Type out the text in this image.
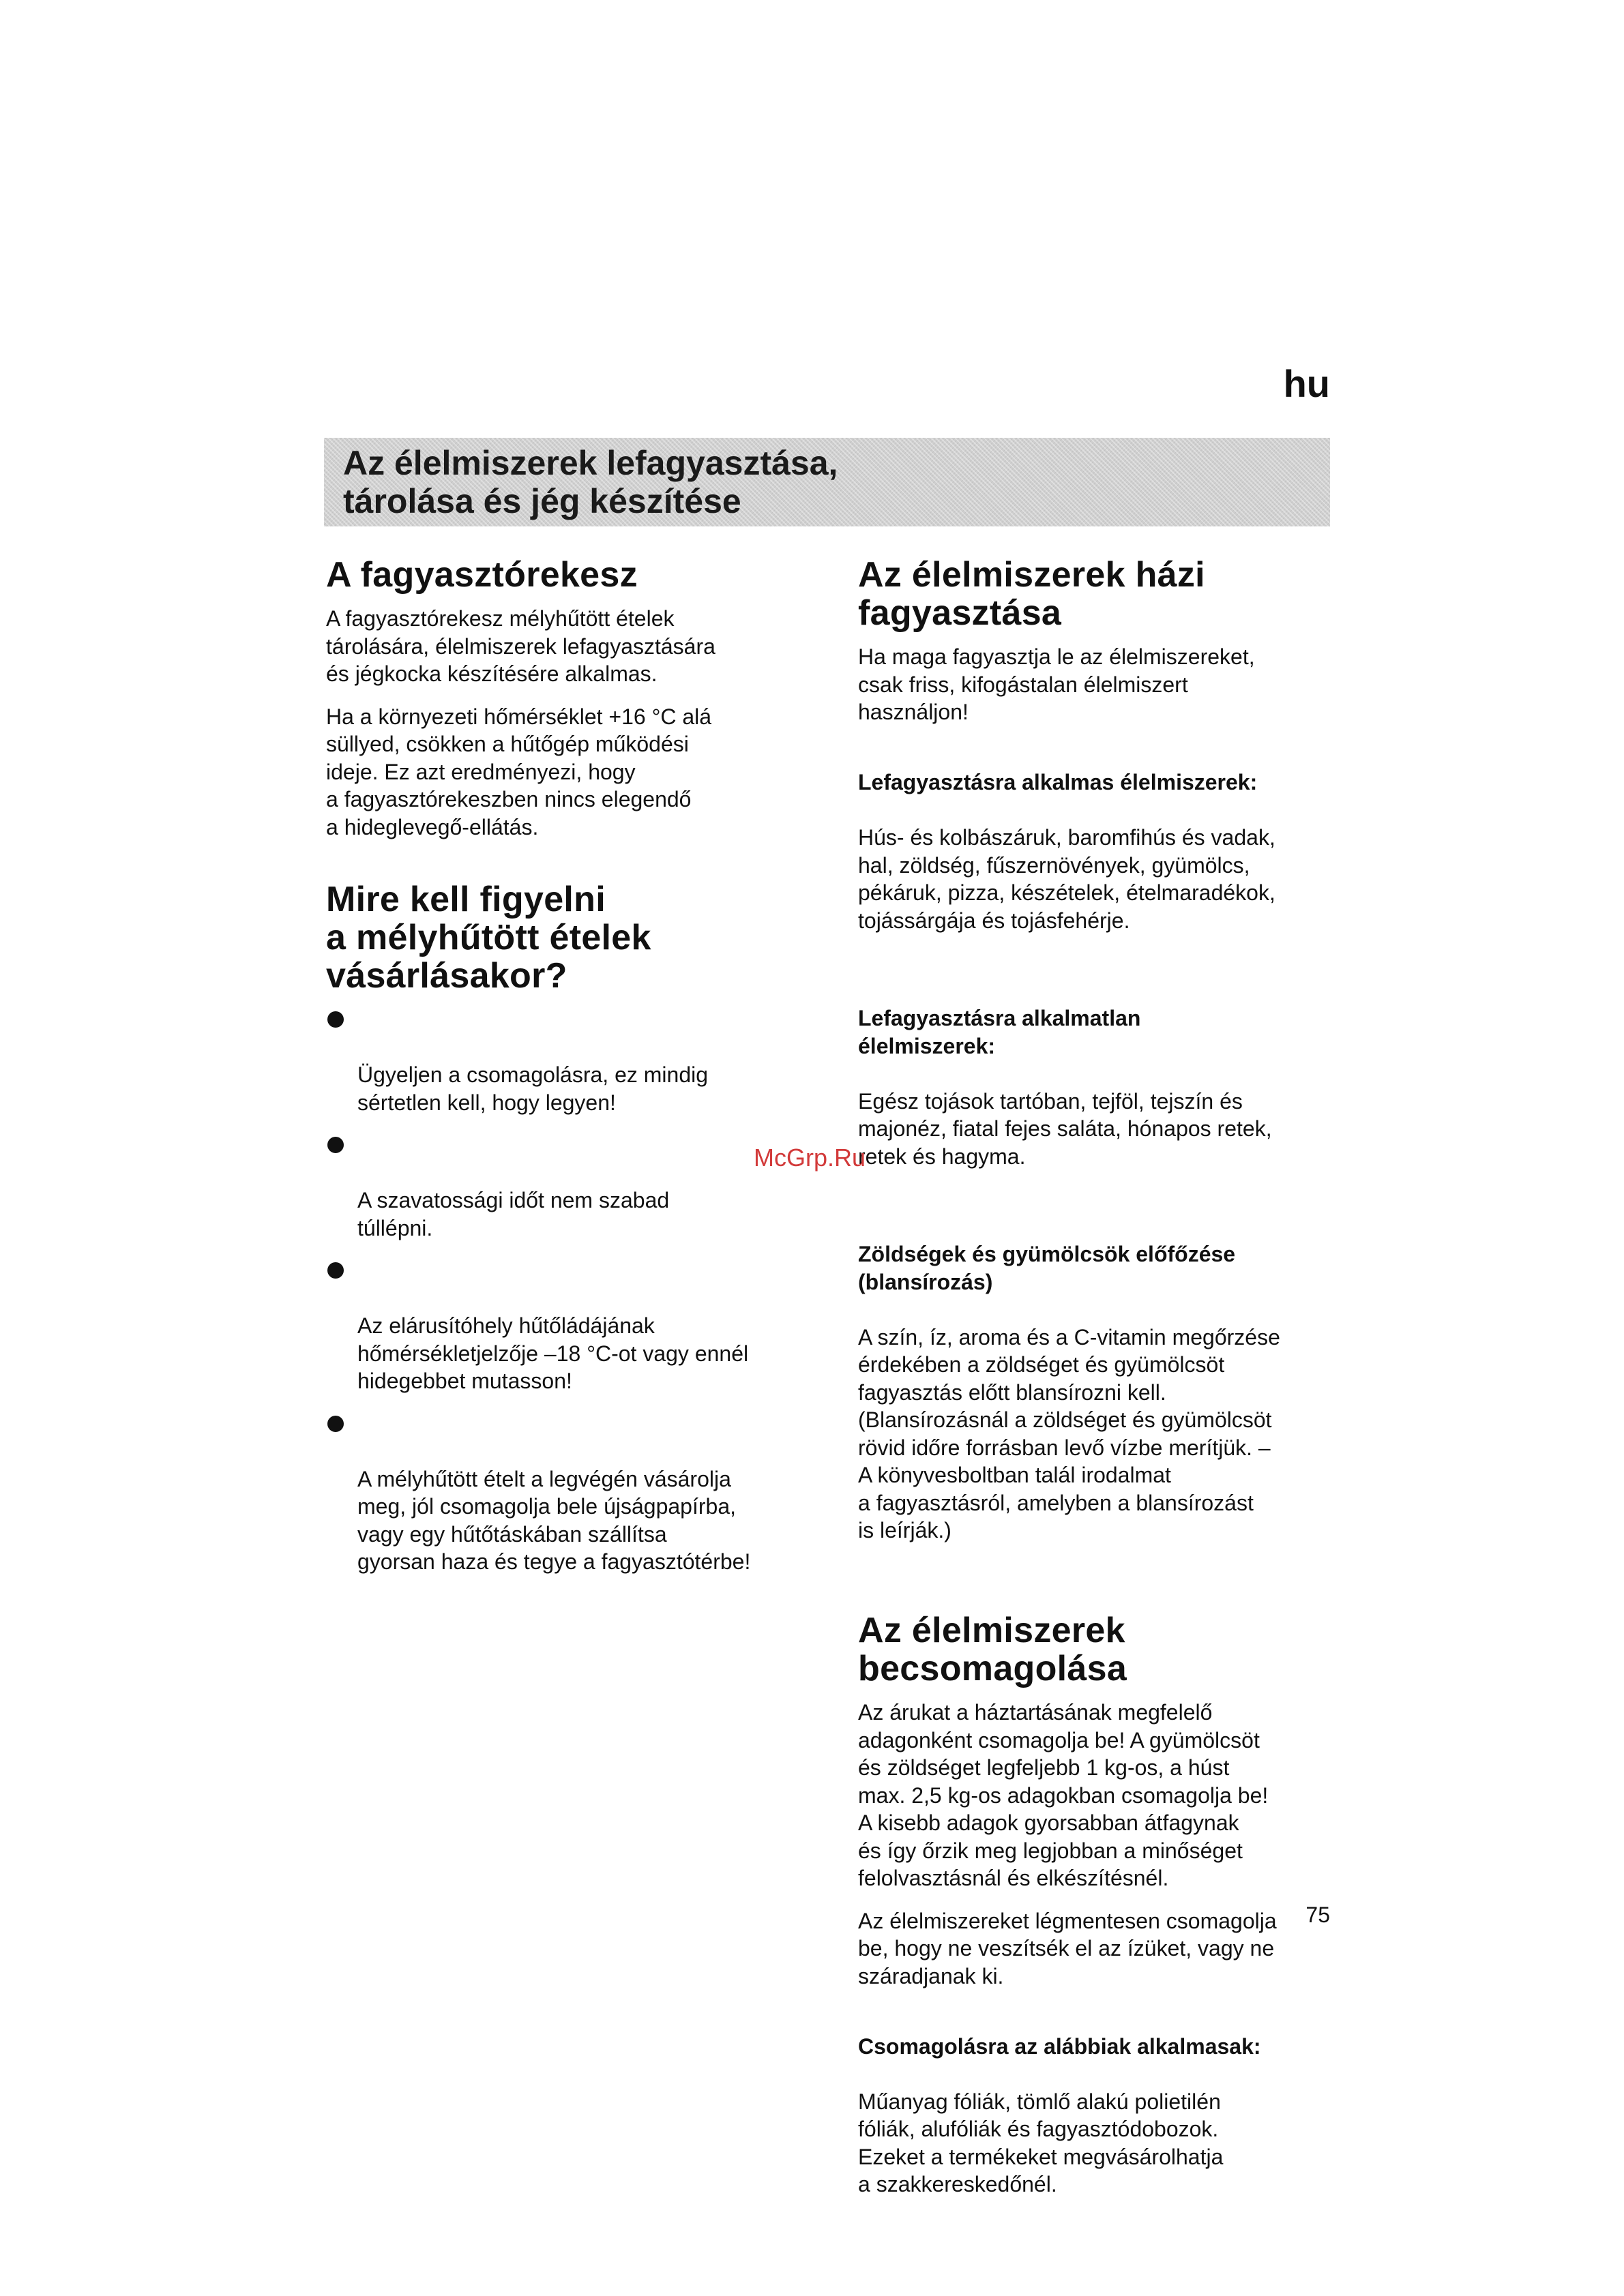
hu
Az élelmiszerek lefagyasztása,
tárolása és jég készítése
A fagyasztórekesz

A fagyasztórekesz mélyhűtött ételek
tárolására, élelmiszerek lefagyasztására
és jégkocka készítésére alkalmas.

Ha a környezeti hőmérséklet +16 °C alá
süllyed, csökken a hűtőgép működési
ideje. Ez azt eredményezi, hogy
a fagyasztórekeszben nincs elegendő
a hideglevegő-ellátás.

Mire kell figyelni
a mélyhűtött ételek
vásárlásakor?

Ügyeljen a csomagolásra, ez mindig
sértetlen kell, hogy legyen!

A szavatossági időt nem szabad
túllépni.

Az elárusítóhely hűtőládájának
hőmérsékletjelzője –18 °C-ot vagy ennél
hidegebbet mutasson!

A mélyhűtött ételt a legvégén vásárolja
meg, jól csomagolja bele újságpapírba,
vagy egy hűtőtáskában szállítsa
gyorsan haza és tegye a fagyasztótérbe!

Az élelmiszerek házi
fagyasztása

Ha maga fagyasztja le az élelmiszereket,
csak friss, kifogástalan élelmiszert
használjon!

Lefagyasztásra alkalmas élelmiszerek:

Hús- és kolbászáruk, baromfihús és vadak,
hal, zöldség, fűszernövények, gyümölcs,
pékáruk, pizza, készételek, ételmaradékok,
tojássárgája és tojásfehérje.

Lefagyasztásra alkalmatlan
élelmiszerek:

Egész tojások tartóban, tejföl, tejszín és
majonéz, fiatal fejes saláta, hónapos retek,
retek és hagyma.

Zöldségek és gyümölcsök előfőzése
(blansírozás)

A szín, íz, aroma és a C-vitamin megőrzése
érdekében a zöldséget és gyümölcsöt
fagyasztás előtt blansírozni kell.
(Blansírozásnál a zöldséget és gyümölcsöt
rövid időre forrásban levő vízbe merítjük. –
A könyvesboltban talál irodalmat
a fagyasztásról, amelyben a blansírozást
is leírják.)

Az élelmiszerek
becsomagolása

Az árukat a háztartásának megfelelő
adagonként csomagolja be! A gyümölcsöt
és zöldséget legfeljebb 1 kg-os, a húst
max. 2,5 kg-os adagokban csomagolja be!
A kisebb adagok gyorsabban átfagynak
és így őrzik meg legjobban a minőséget
felolvasztásnál és elkészítésnél.

Az élelmiszereket légmentesen csomagolja
be, hogy ne veszítsék el az ízüket, vagy ne
száradjanak ki.

Csomagolásra az alábbiak alkalmasak:

Műanyag fóliák, tömlő alakú polietilén
fóliák, alufóliák és fagyasztódobozok.
Ezeket a termékeket megvásárolhatja
a szakkereskedőnél.

McGrp.Ru
75
